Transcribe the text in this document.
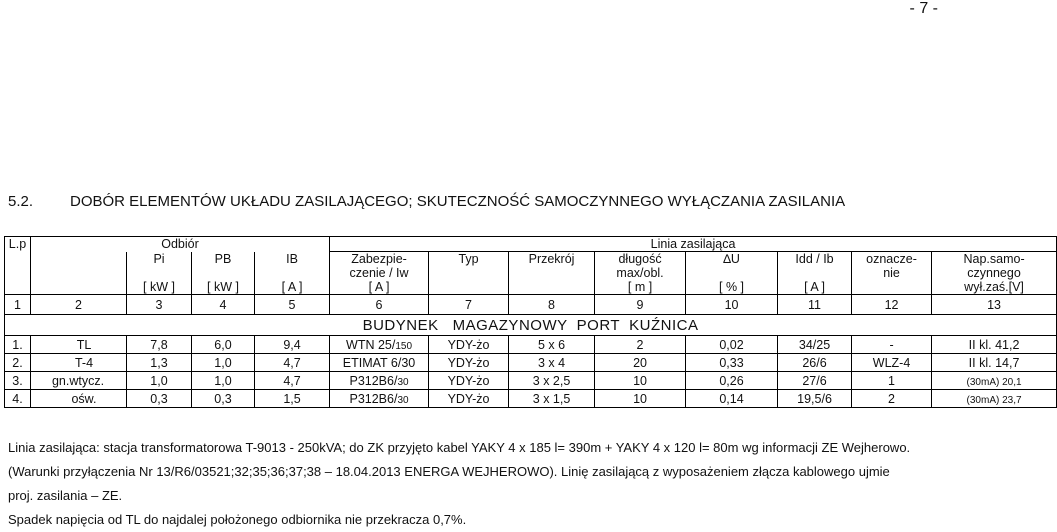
- 7 -
5.2. DOBÓR ELEMENTÓW UKŁADU ZASILAJĄCEGO; SKUTECZNOŚĆ SAMOCZYNNEGO WYŁĄCZANIA ZASILANIA
L.p	Odbiór				Linia zasilająca							
		Pi	PB	IB	Zabezpie-	Typ	Przekrój	długość	∆U	Idd / Ib	oznacze-	Nap.samo-
					czenie / Iw			max/obl.			nie	czynnego
		[ kW ]	[ kW ]	[ A ]	[ A ]			[ m ]	[ % ]	[ A ]		wył.zaś.[V]
1	2	3	4	5	6	7	8	9	10	11	12	13
BUDYNEK   MAGAZYNOWY  PORT  KUŹNICA												
1.	TL	7,8	6,0	9,4	WTN 25/150	YDY-żo	5 x 6	2	0,02	34/25	-	II kl. 41,2
2.	T-4	1,3	1,0	4,7	ETIMAT 6/30	YDY-żo	3 x 4	20	0,33	26/6	WLZ-4	II kl. 14,7
3.	gn.wtycz.	1,0	1,0	4,7	P312B6/30	YDY-żo	3 x 2,5	10	0,26	27/6	1	(30mA) 20,1
4.	ośw.	0,3	0,3	1,5	P312B6/30	YDY-żo	3 x 1,5	10	0,14	19,5/6	2	(30mA) 23,7

Linia zasilająca: stacja transformatorowa T-9013 - 250kVA; do ZK przyjęto kabel YAKY 4 x 185 l= 390m + YAKY 4 x 120 l= 80m wg informacji ZE Wejherowo.

(Warunki przyłączenia Nr 13/R6/03521;32;35;36;37;38 – 18.04.2013 ENERGA WEJHEROWO). Linię zasilającą z wyposażeniem złącza kablowego ujmie

proj. zasilania – ZE.

Spadek napięcia od TL do najdalej położonego odbiornika nie przekracza 0,7%.
